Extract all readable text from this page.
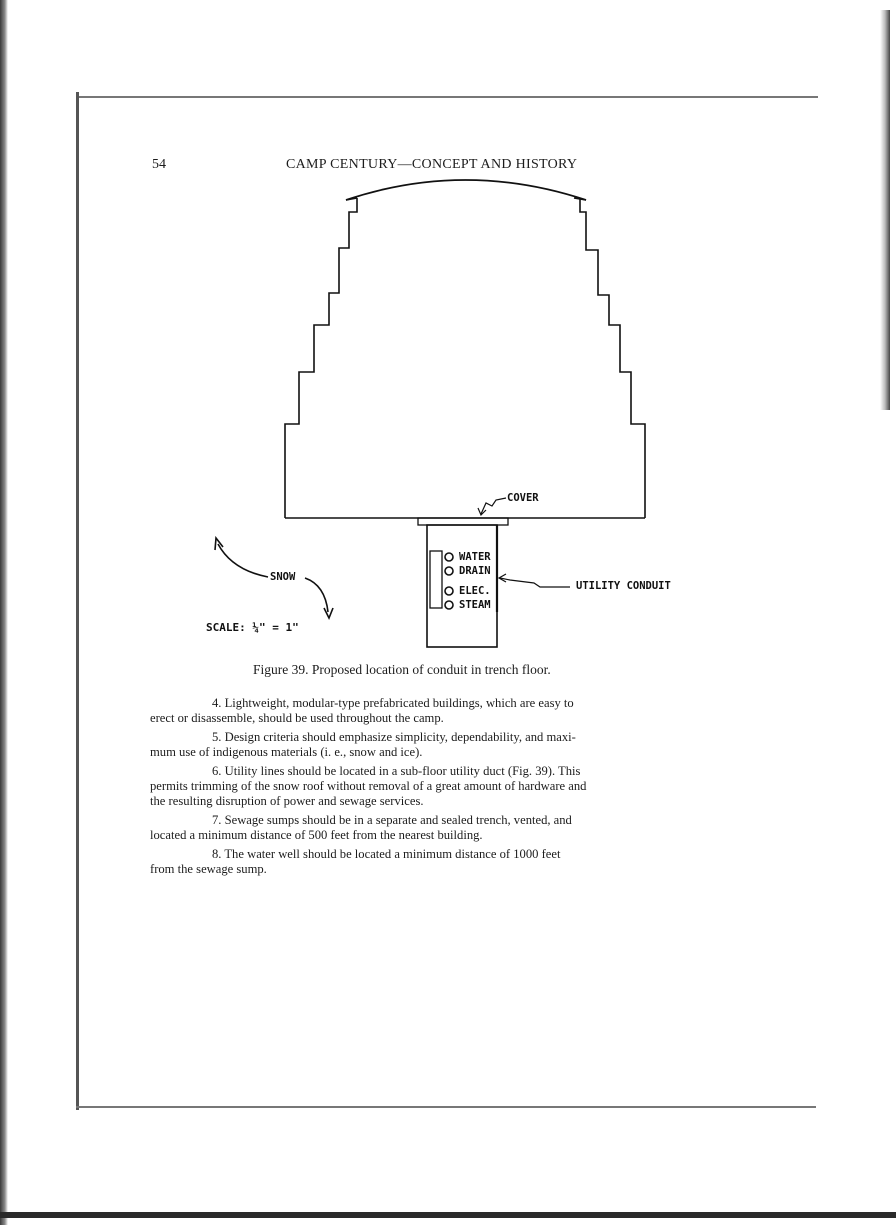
54	CAMP CENTURY—CONCEPT AND HISTORY
COVER
WATER
DRAIN
ELEC.
STEAM
UTILITY CONDUIT
SNOW
SCALE: ¼" = 1"
Figure 39. Proposed location of conduit in trench floor.

4. Lightweight, modular-type prefabricated buildings, which are easy to
erect or disassemble, should be used throughout the camp.

5. Design criteria should emphasize simplicity, dependability, and maxi-
mum use of indigenous materials (i. e., snow and ice).

6. Utility lines should be located in a sub-floor utility duct (Fig. 39). This
permits trimming of the snow roof without removal of a great amount of hardware and
the resulting disruption of power and sewage services.

7. Sewage sumps should be in a separate and sealed trench, vented, and
located a minimum distance of 500 feet from the nearest building.

8. The water well should be located a minimum distance of 1000 feet
from the sewage sump.
